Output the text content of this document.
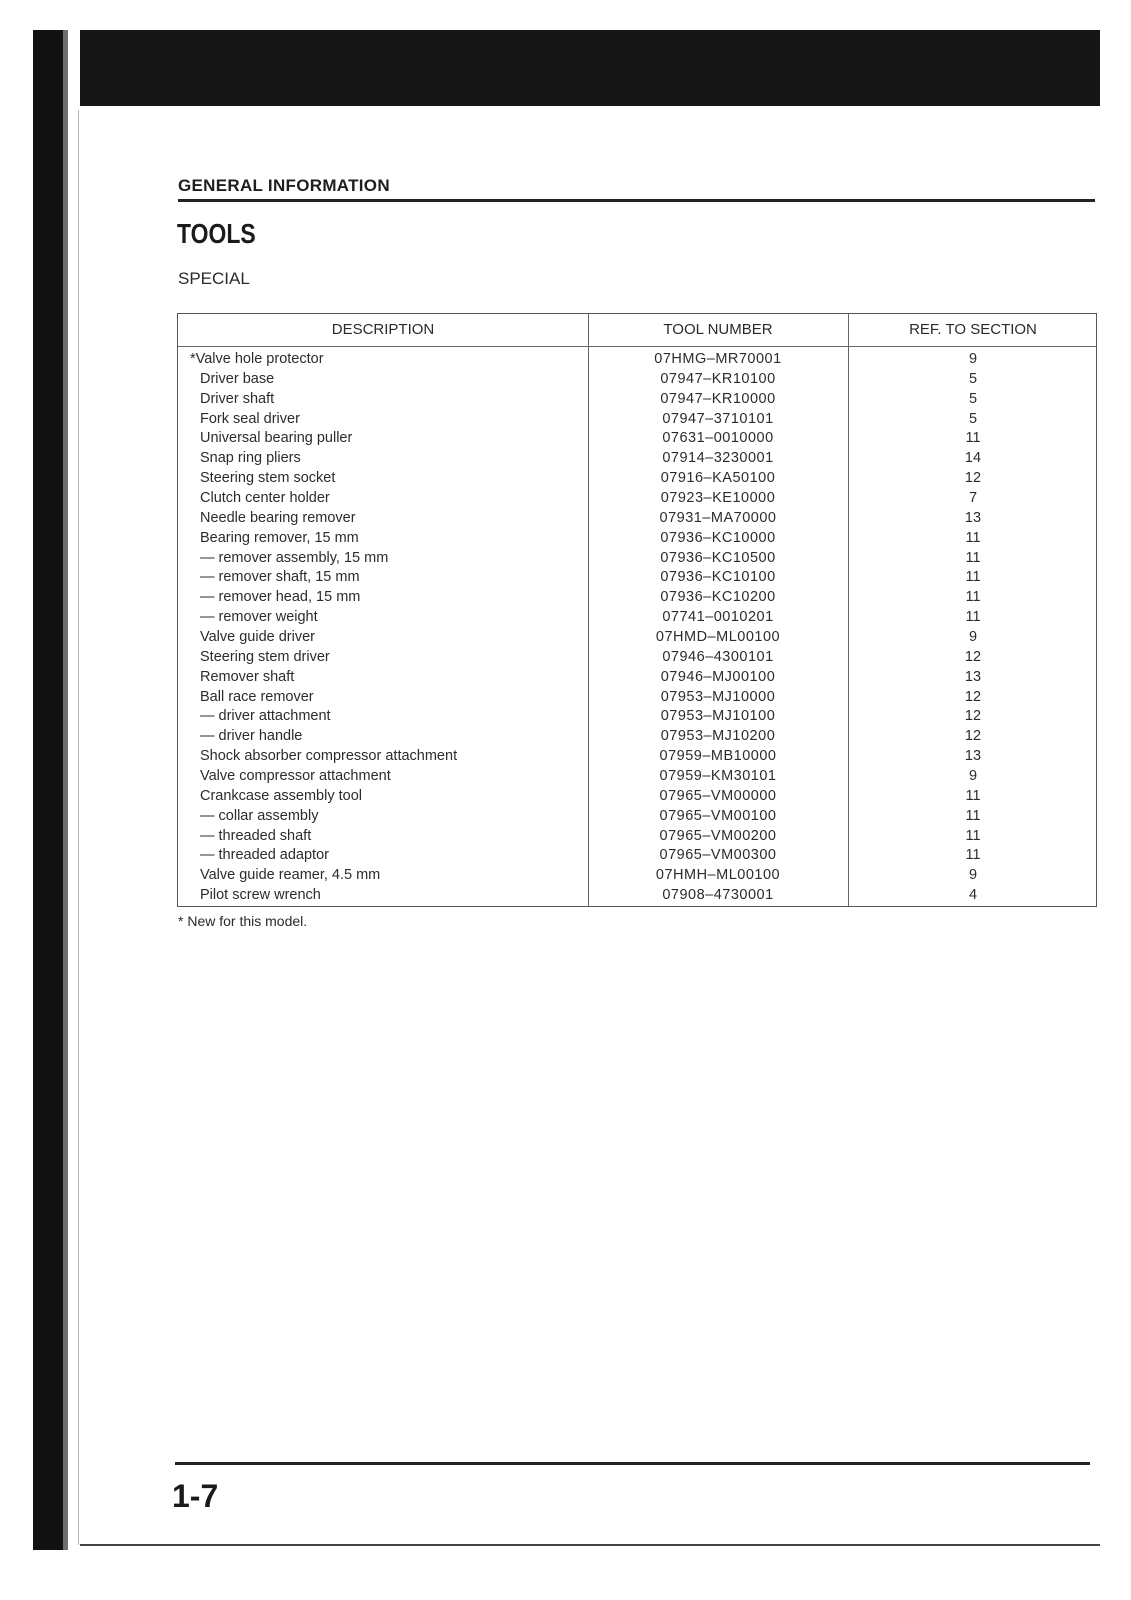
GENERAL INFORMATION
TOOLS
SPECIAL
DESCRIPTION	TOOL NUMBER	REF. TO SECTION
*Valve hole protector	07HMG–MR70001	9
Driver base	07947–KR10100	5
Driver shaft	07947–KR10000	5
Fork seal driver	07947–3710101	5
Universal bearing puller	07631–0010000	11
Snap ring pliers	07914–3230001	14
Steering stem socket	07916–KA50100	12
Clutch center holder	07923–KE10000	7
Needle bearing remover	07931–MA70000	13
Bearing remover, 15 mm	07936–KC10000	11
— remover assembly, 15 mm	07936–KC10500	11
— remover shaft, 15 mm	07936–KC10100	11
— remover head, 15 mm	07936–KC10200	11
— remover weight	07741–0010201	11
Valve guide driver	07HMD–ML00100	9
Steering stem driver	07946–4300101	12
Remover shaft	07946–MJ00100	13
Ball race remover	07953–MJ10000	12
— driver attachment	07953–MJ10100	12
— driver handle	07953–MJ10200	12
Shock absorber compressor attachment	07959–MB10000	13
Valve compressor attachment	07959–KM30101	9
Crankcase assembly tool	07965–VM00000	11
— collar assembly	07965–VM00100	11
— threaded shaft	07965–VM00200	11
— threaded adaptor	07965–VM00300	11
Valve guide reamer, 4.5 mm	07HMH–ML00100	9
Pilot screw wrench	07908–4730001	4
* New for this model.
1-7
